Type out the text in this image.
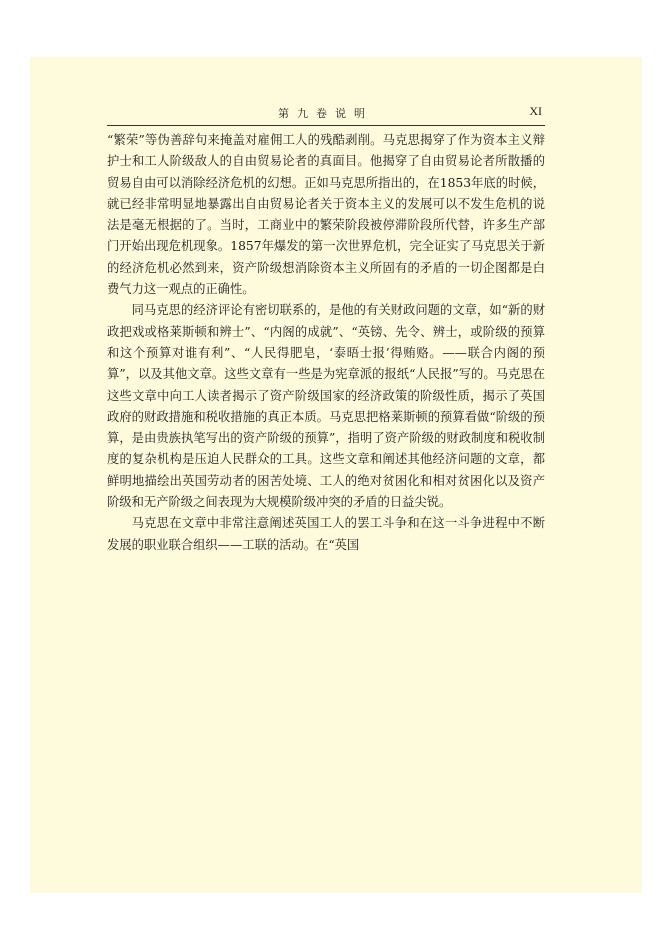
第九卷说明	XI

“繁荣”等伪善辞句来掩盖对雇佣工人的残酷剥削。马克思揭穿了作为资本主义辩护士和工人阶级敌人的自由贸易论者的真面目。他揭穿了自由贸易论者所散播的贸易自由可以消除经济危机的幻想。正如马克思所指出的，在1853年底的时候，就已经非常明显地暴露出自由贸易论者关于资本主义的发展可以不发生危机的说法是毫无根据的了。当时，工商业中的繁荣阶段被停滞阶段所代替，许多生产部门开始出现危机现象。1857年爆发的第一次世界危机，完全证实了马克思关于新的经济危机必然到来，资产阶级想消除资本主义所固有的矛盾的一切企图都是白费气力这一观点的正确性。

同马克思的经济评论有密切联系的，是他的有关财政问题的文章，如“新的财政把戏或格莱斯顿和辨士”、“内阁的成就”、“英镑、先令、辨士，或阶级的预算和这个预算对谁有利”、“人民得肥皂，‘泰晤士报’得贿赂。——联合内阁的预算”，以及其他文章。这些文章有一些是为宪章派的报纸“人民报”写的。马克思在这些文章中向工人读者揭示了资产阶级国家的经济政策的阶级性质，揭示了英国政府的财政措施和税收措施的真正本质。马克思把格莱斯顿的预算看做“阶级的预算，是由贵族执笔写出的资产阶级的预算”，指明了资产阶级的财政制度和税收制度的复杂机构是压迫人民群众的工具。这些文章和阐述其他经济问题的文章，都鲜明地描绘出英国劳动者的困苦处境、工人的绝对贫困化和相对贫困化以及资产阶级和无产阶级之间表现为大规模阶级冲突的矛盾的日益尖锐。

马克思在文章中非常注意阐述英国工人的罢工斗争和在这一斗争进程中不断发展的职业联合组织——工联的活动。在“英国
